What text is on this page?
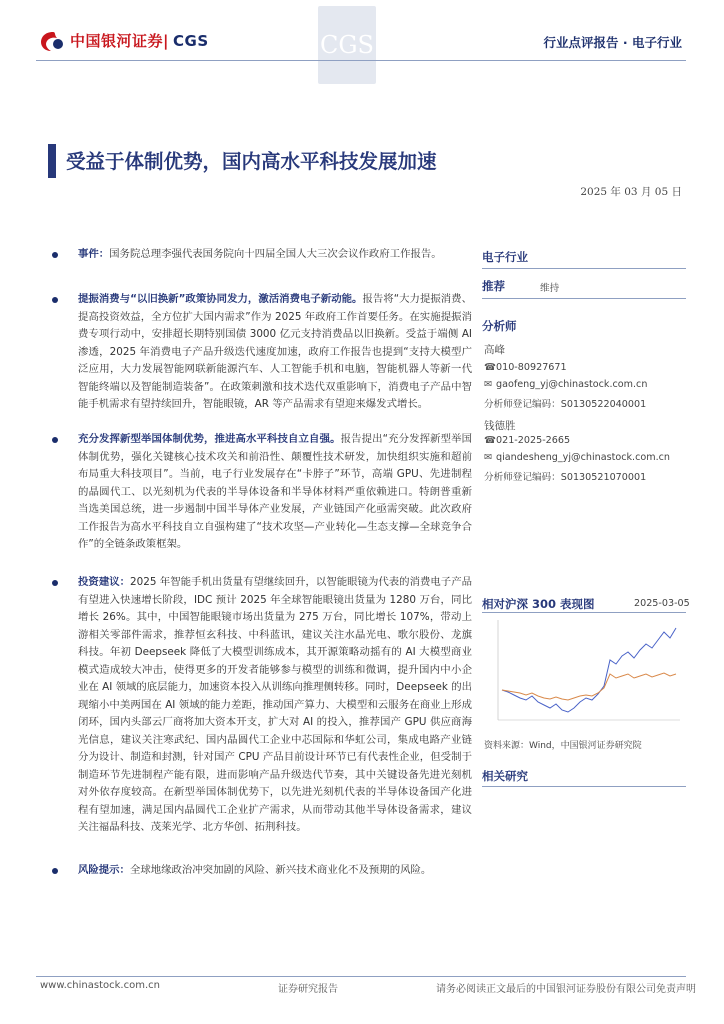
中国银河证券| CGS	CGS	行业点评报告 · 电子行业
受益于体制优势，国内高水平科技发展加速
2025 年 03 月 05 日
事件：国务院总理李强代表国务院向十四届全国人大三次会议作政府工作报告。
提振消费与“以旧换新”政策协同发力，激活消费电子新动能。报告将“大力提振消费、提高投资效益，全方位扩大国内需求”作为 2025 年政府工作首要任务。在实施提振消费专项行动中，安排超长期特别国债 3000 亿元支持消费品以旧换新。受益于端侧 AI 渗透，2025 年消费电子产品升级迭代速度加速，政府工作报告也提到“支持大模型广泛应用，大力发展智能网联新能源汽车、人工智能手机和电脑，智能机器人等新一代智能终端以及智能制造装备”。在政策刺激和技术迭代双重影响下，消费电子产品中智能手机需求有望持续回升，智能眼镜，AR 等产品需求有望迎来爆发式增长。
充分发挥新型举国体制优势，推进高水平科技自立自强。报告提出“充分发挥新型举国体制优势，强化关键核心技术攻关和前沿性、颠覆性技术研发，加快组织实施和超前布局重大科技项目”。当前，电子行业发展存在“卡脖子”环节，高端 GPU、先进制程的晶圆代工、以光刻机为代表的半导体设备和半导体材料严重依赖进口。特朗普重新当选美国总统，进一步遏制中国半导体产业发展，产业链国产化亟需突破。此次政府工作报告为高水平科技自立自强构建了“技术攻坚—产业转化—生态支撑—全球竞争合作”的全链条政策框架。
投资建议：2025 年智能手机出货量有望继续回升，以智能眼镜为代表的消费电子产品有望进入快速增长阶段，IDC 预计 2025 年全球智能眼镜出货量为 1280 万台，同比增长 26%。其中，中国智能眼镜市场出货量为 275 万台，同比增长 107%，带动上游相关零部件需求，推荐恒玄科技、中科蓝讯，建议关注水晶光电、歌尔股份、龙旗科技。年初 Deepseek 降低了大模型训练成本，其开源策略动摇有的 AI 大模型商业模式造成较大冲击，使得更多的开发者能够参与模型的训练和微调，提升国内中小企业在 AI 领域的底层能力，加速资本投入从训练向推理侧转移。同时，Deepseek 的出现缩小中美两国在 AI 领域的能力差距，推动国产算力、大模型和云服务在商业上形成闭环，国内头部云厂商将加大资本开支，扩大对 AI 的投入，推荐国产 GPU 供应商海光信息，建议关注寒武纪、国内晶圆代工企业中芯国际和华虹公司，集成电路产业链分为设计、制造和封测，针对国产 CPU 产品目前设计环节已有代表性企业，但受制于制造环节先进制程产能有限，进而影响产品升级迭代节奏，其中关键设备先进光刻机对外依存度较高。在新型举国体制优势下，以先进光刻机代表的半导体设备国产化进程有望加速，满足国内晶圆代工企业扩产需求，从而带动其他半导体设备需求，建议关注福晶科技、茂莱光学、北方华创、拓荆科技。
风险提示：全球地缘政治冲突加剧的风险、新兴技术商业化不及预期的风险。
电子行业
推荐	维持
分析师
高峰
☎010-80927671
✉ gaofeng_yj@chinastock.com.cn
分析师登记编码：S0130522040001
钱德胜
☎021-2025-2665
✉ qiandesheng_yj@chinastock.com.cn
分析师登记编码：S0130521070001
相对沪深 300 表现图	2025-03-05
资料来源：Wind，中国银河证券研究院
相关研究
www.chinastock.com.cn	证券研究报告	请务必阅读正文最后的中国银河证券股份有限公司免责声明
